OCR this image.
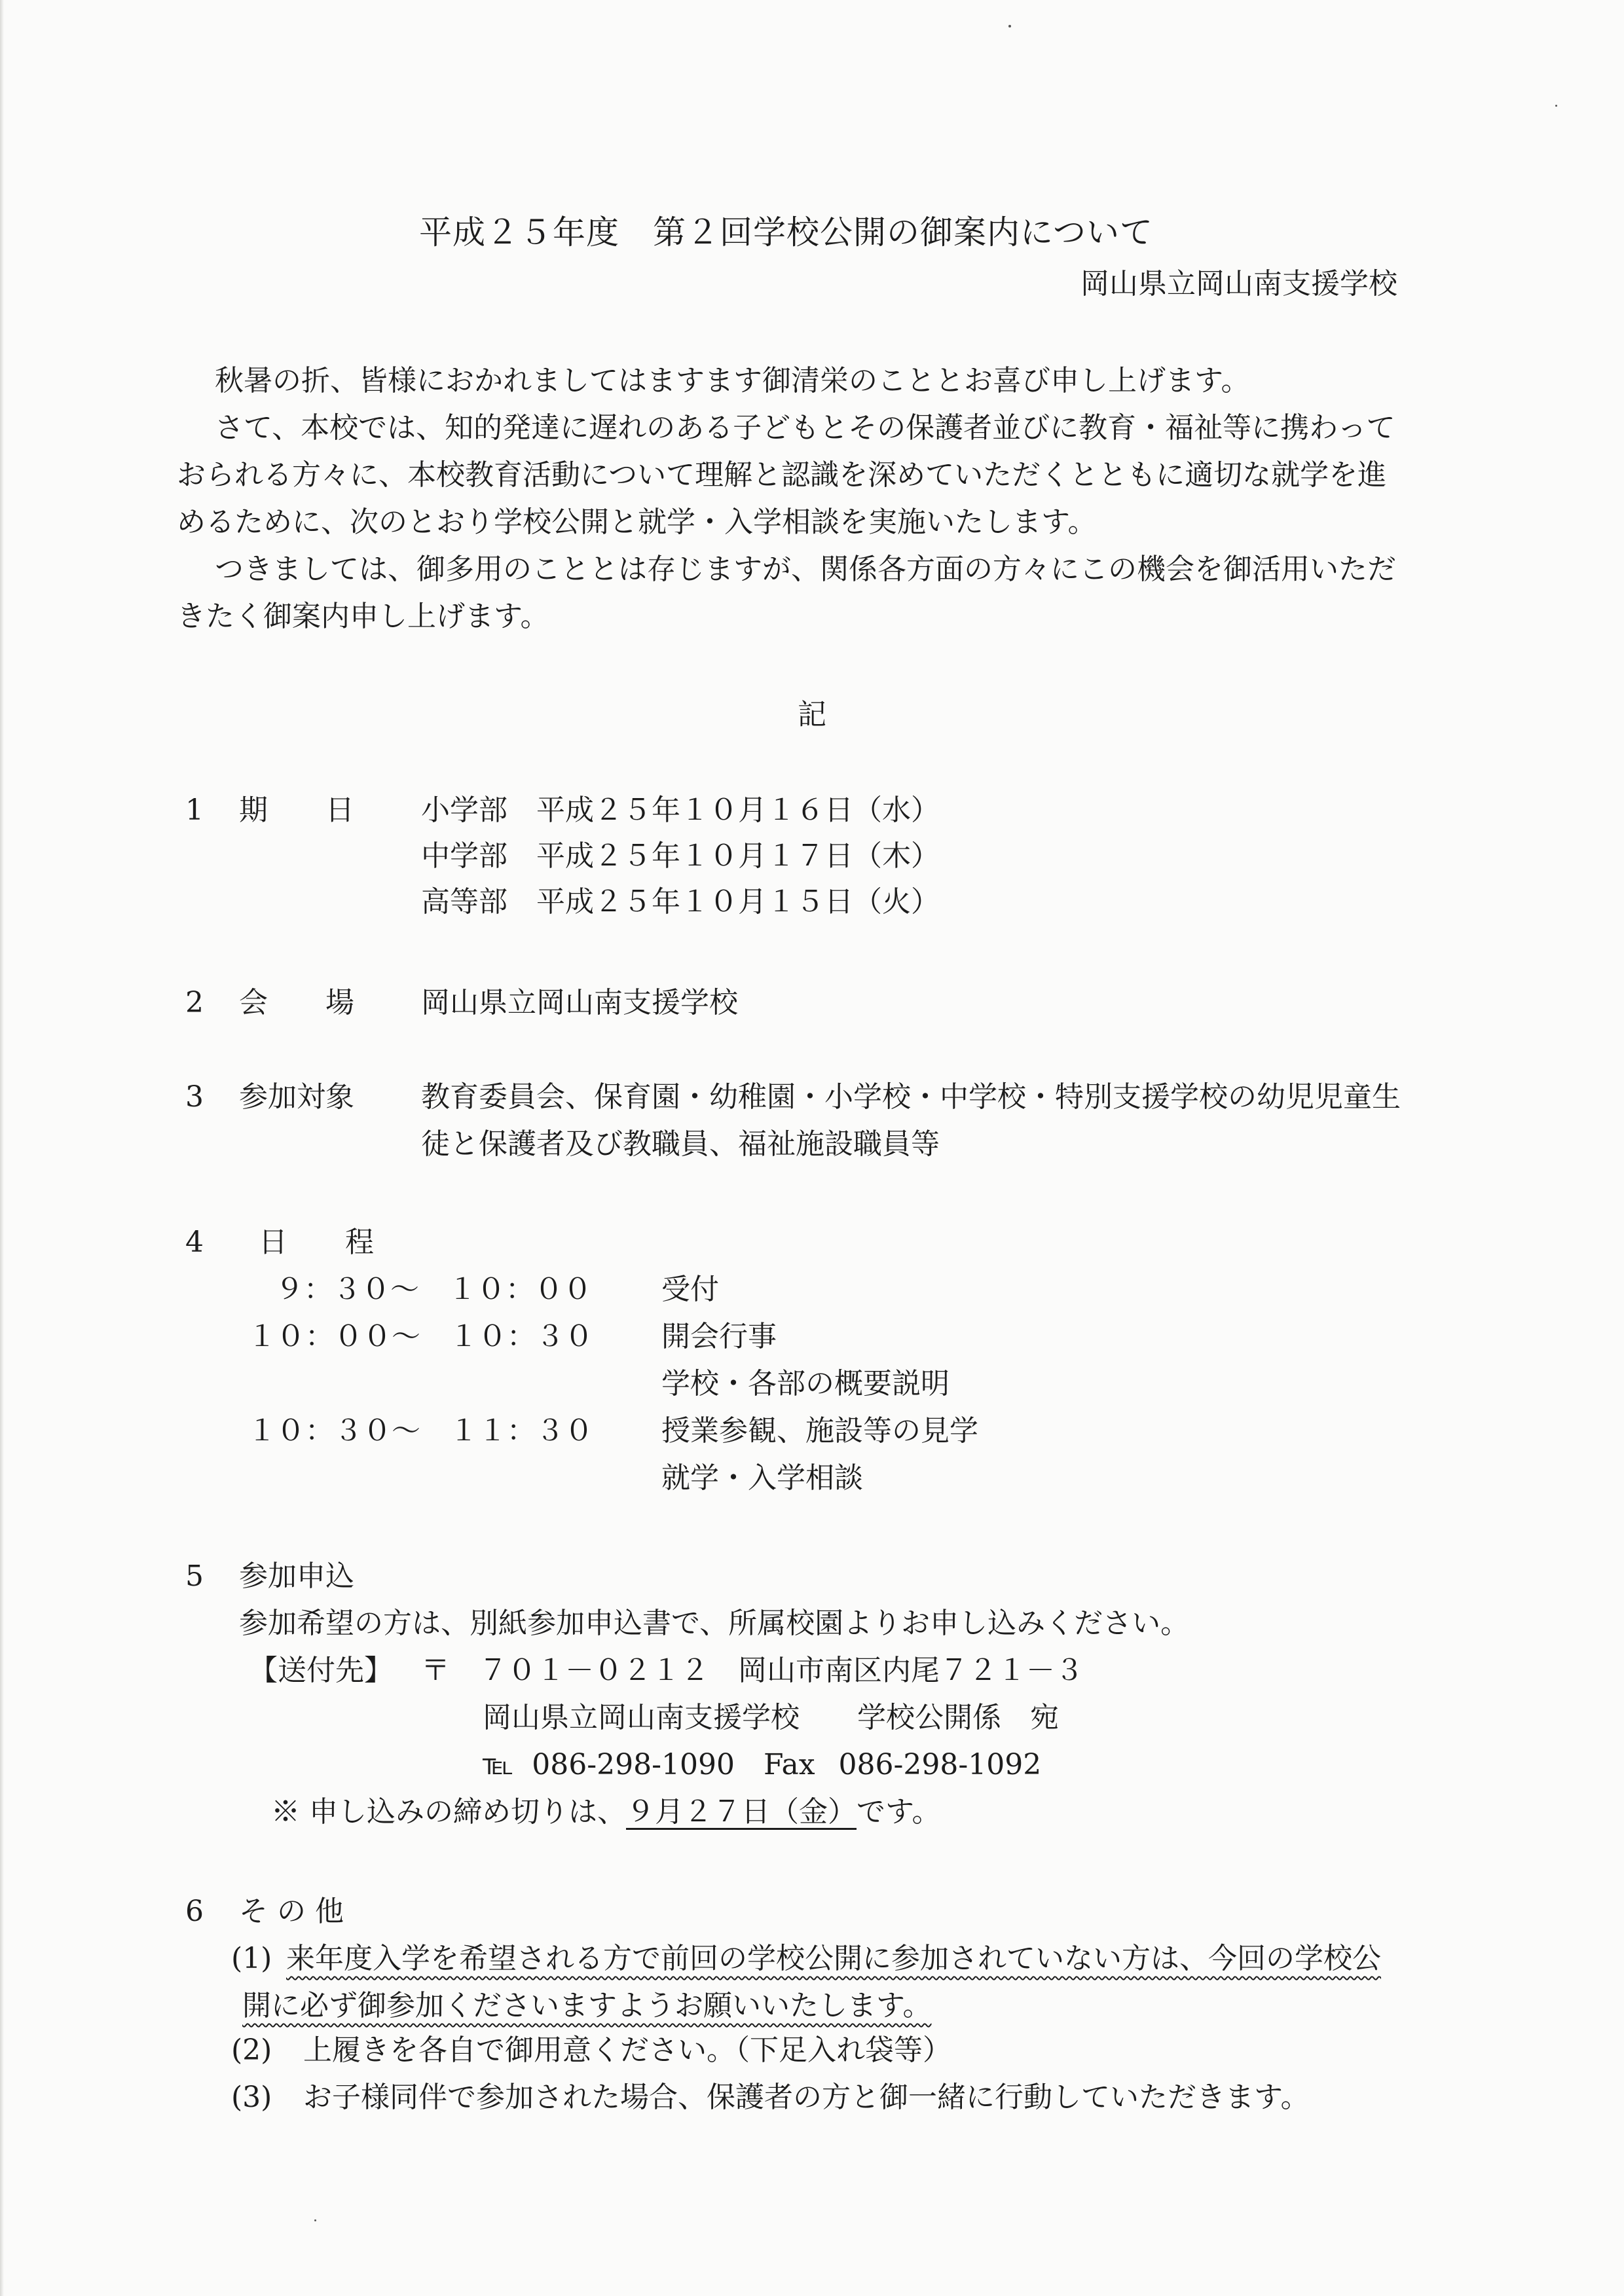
平成２５年度　第２回学校公開の御案内について
岡山県立岡山南支援学校
秋暑の折、皆様におかれましてはますます御清栄のこととお喜び申し上げます。
さて、本校では、知的発達に遅れのある子どもとその保護者並びに教育・福祉等に携わって
おられる方々に、本校教育活動について理解と認識を深めていただくとともに適切な就学を進
めるために、次のとおり学校公開と就学・入学相談を実施いたします。
つきましては、御多用のこととは存じますが、関係各方面の方々にこの機会を御活用いただ
きたく御案内申し上げます。
記
1 期　　日 小学部　平成２５年１０月１６日（水）
中学部　平成２５年１０月１７日（木）
高等部　平成２５年１０月１５日（火）
2 会　　場 岡山県立岡山南支援学校
3 参加対象 教育委員会、保育園・幼稚園・小学校・中学校・特別支援学校の幼児児童生
徒と保護者及び教職員、福祉施設職員等
4 日　　程
９：３０～　１０：００ 受付
１０：００～　１０：３０ 開会行事
学校・各部の概要説明
１０：３０～　１１：３０ 授業参観、施設等の見学
就学・入学相談
5 参加申込
参加希望の方は、別紙参加申込書で、所属校園よりお申し込みください。
【送付先】 〒　７０１－０２１２　岡山市南区内尾７２１－３
岡山県立岡山南支援学校　　学校公開係　宛
℡ 086-298-1090 Fax 086-298-1092
※ 申し込みの締め切りは、９月２７日（金）です。
6 そ の 他
(1) 来年度入学を希望される方で前回の学校公開に参加されていない方は、今回の学校公
開に必ず御参加くださいますようお願いいたします。
(2) 上履きを各自で御用意ください。（下足入れ袋等）
(3) お子様同伴で参加された場合、保護者の方と御一緒に行動していただきます。
